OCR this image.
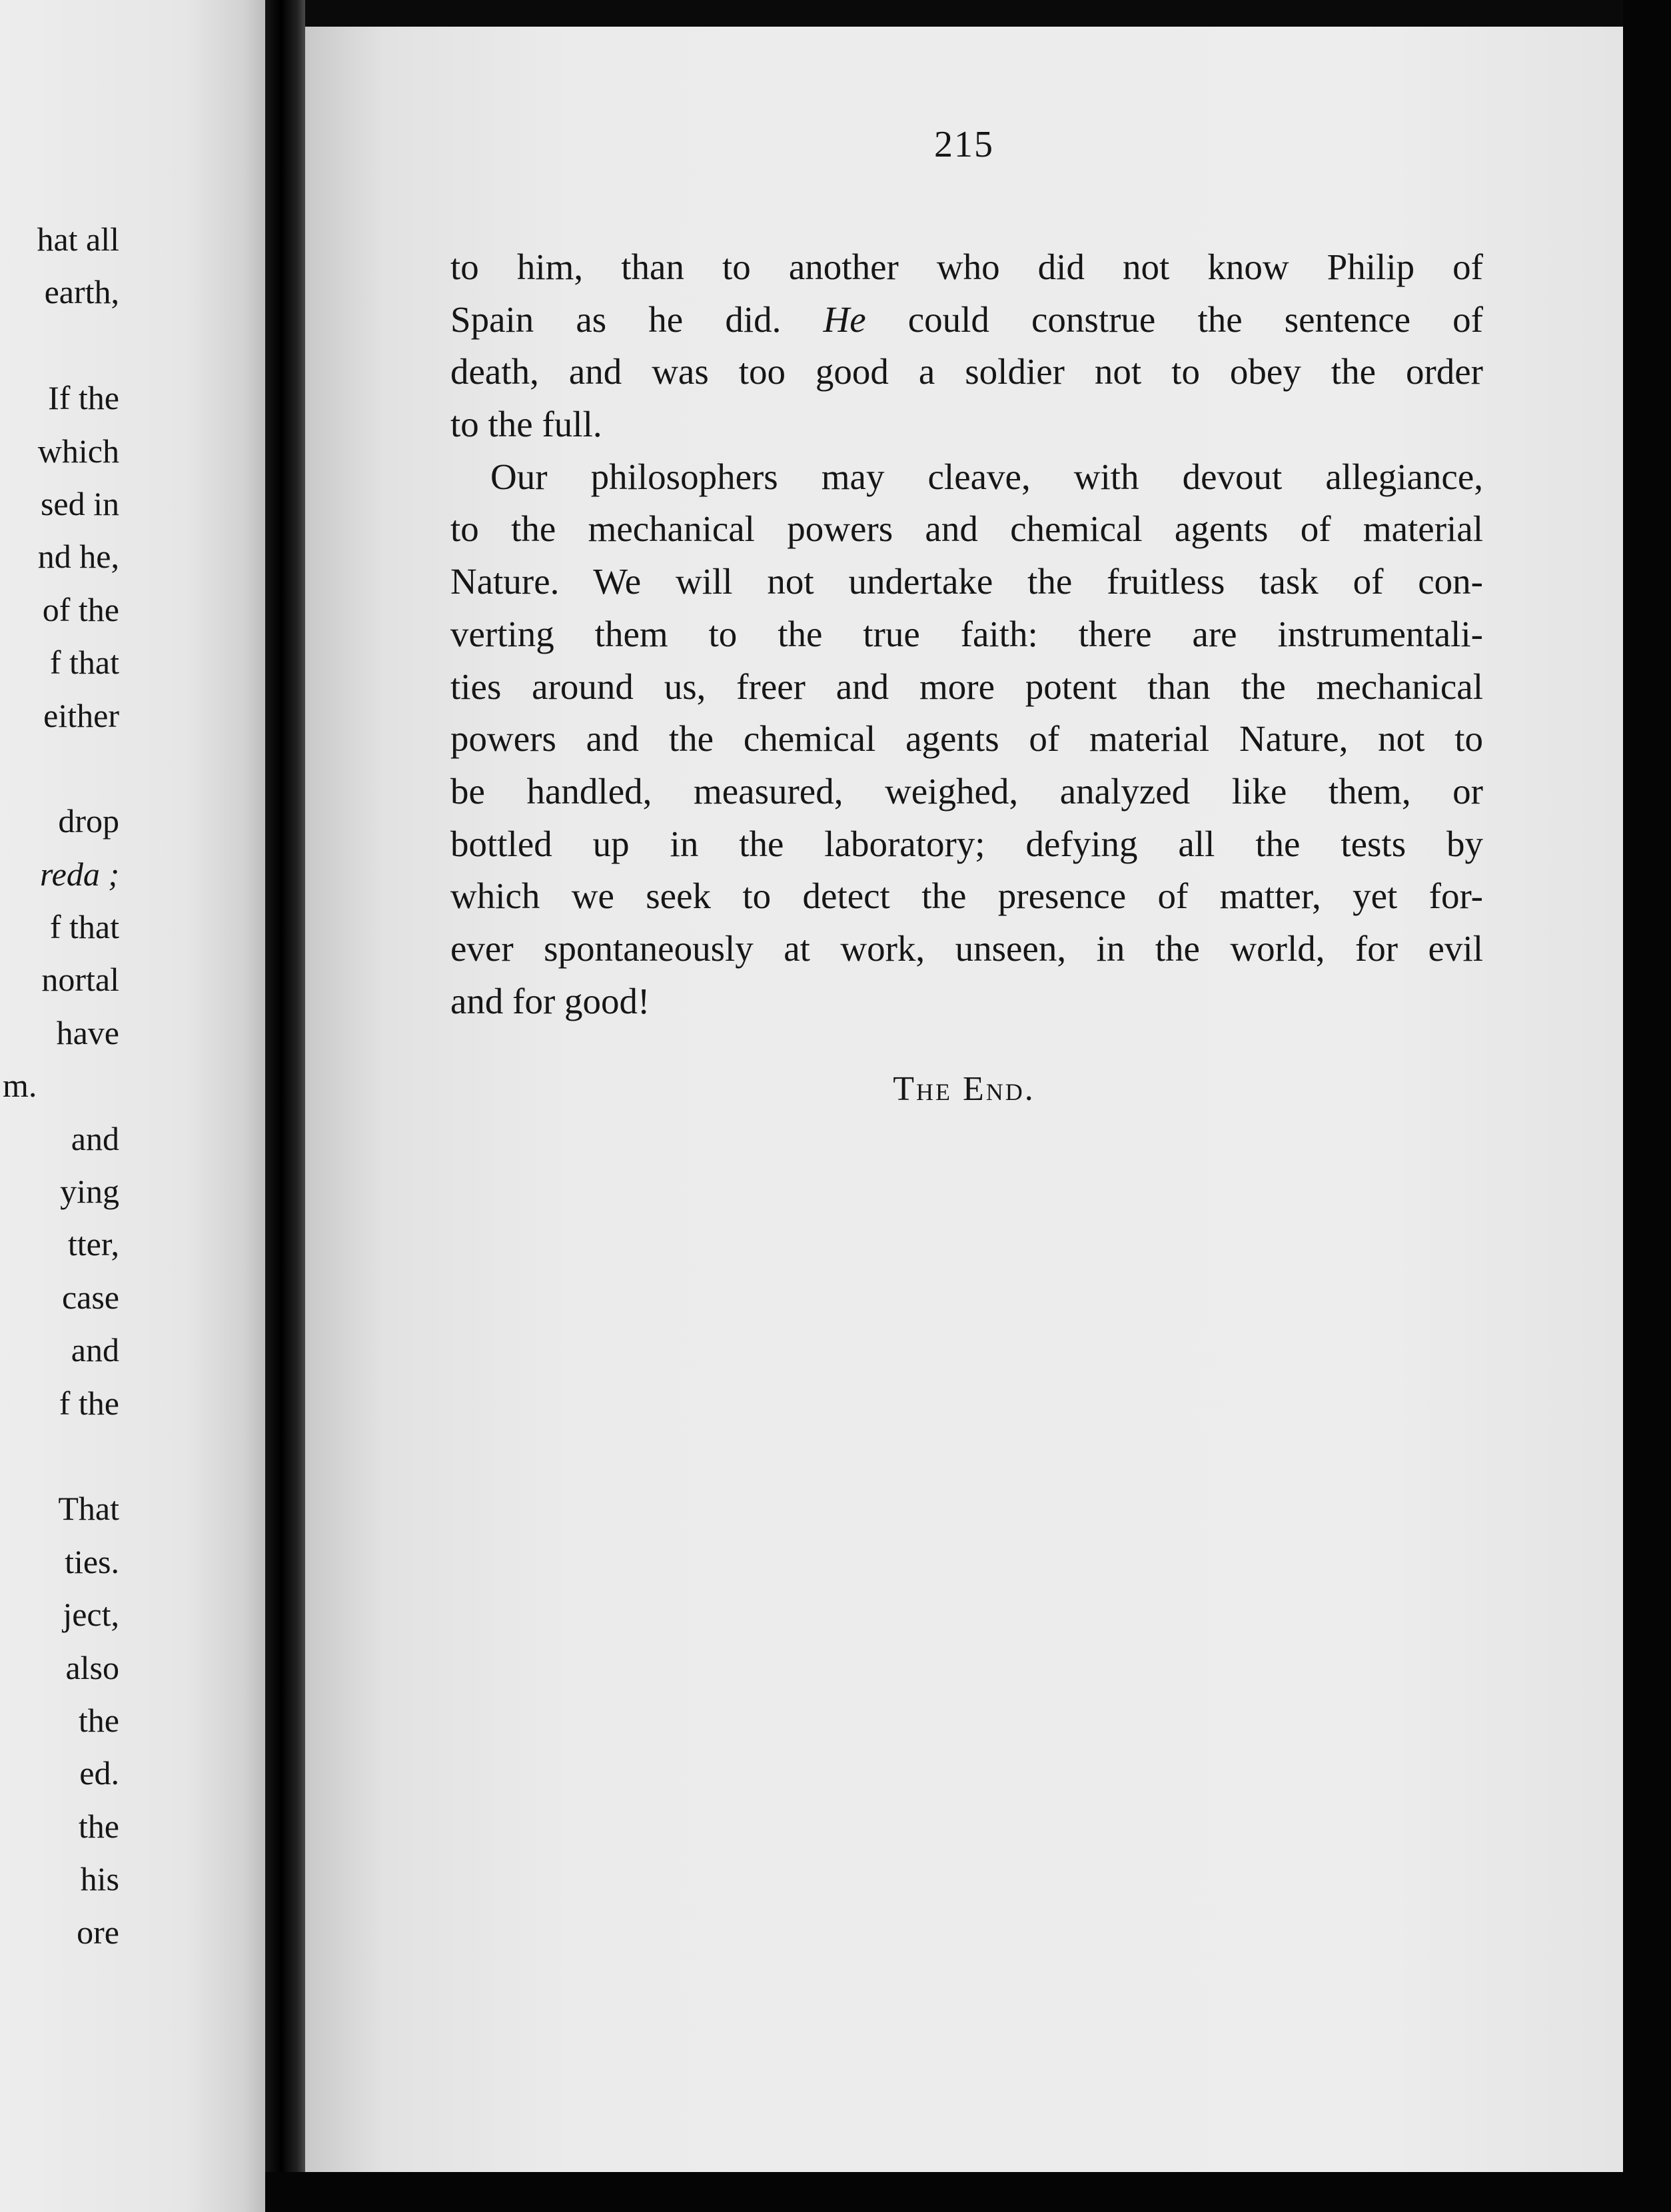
hat all
earth,
If the
which
sed in
nd he,
of the
f that
either
drop
reda ;
f that
nortal
have
m.
and
ying
tter,
case
and
f the
That
ties.
ject,
also
the
ed.
the
his
ore
215
to him, than to another who did not know Philip of
Spain as he did. He could construe the sentence of
death, and was too good a soldier not to obey the order
to the full.
Our philosophers may cleave, with devout allegiance,
to the mechanical powers and chemical agents of material
Nature. We will not undertake the fruitless task of con-
verting them to the true faith: there are instrumentali-
ties around us, freer and more potent than the mechanical
powers and the chemical agents of material Nature, not to
be handled, measured, weighed, analyzed like them, or
bottled up in the laboratory; defying all the tests by
which we seek to detect the presence of matter, yet for-
ever spontaneously at work, unseen, in the world, for evil
and for good!
The End.
